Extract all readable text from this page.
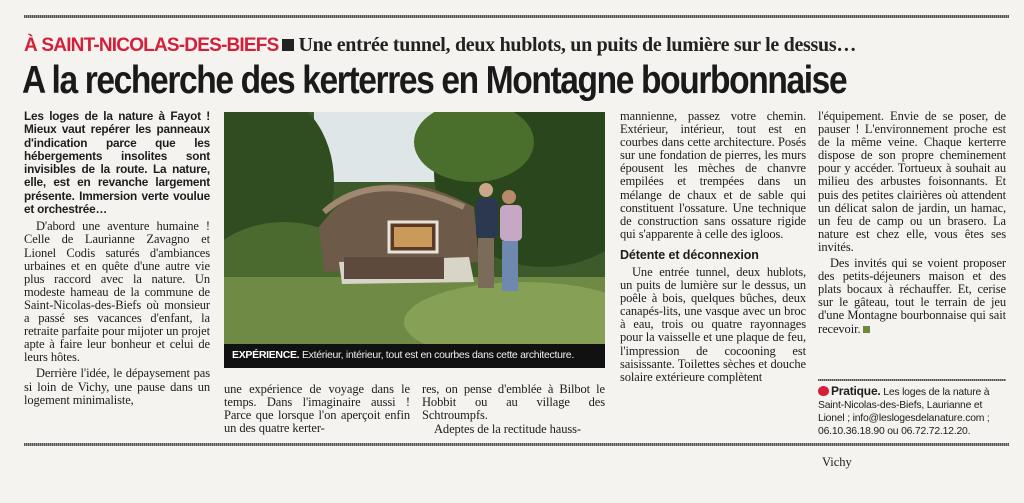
À SAINT-NICOLAS-DES-BIEFS Une entrée tunnel, deux hublots, un puits de lumière sur le dessus…
A la recherche des kerterres en Montagne bourbonnaise

Les loges de la nature à Fayot ! Mieux vaut repérer les panneaux d'indication parce que les hébergements insolites sont invisibles de la route. La nature, elle, est en revanche largement présente. Immersion verte voulue et orchestrée…

D'abord une aventure humaine ! Celle de Laurianne Zavagno et Lionel Codis saturés d'ambiances urbaines et en quête d'une autre vie plus raccord avec la nature. Un modeste hameau de la commune de Saint-Nicolas-des-Biefs où monsieur a passé ses vacances d'enfant, la retraite parfaite pour mijoter un projet apte à faire leur bonheur et celui de leurs hôtes.

Derrière l'idée, le dépaysement pas si loin de Vichy, une pause dans un logement minimaliste,

EXPÉRIENCE. Extérieur, intérieur, tout est en courbes dans cette architecture.

une expérience de voyage dans le temps. Dans l'imaginaire aussi ! Parce que lorsque l'on aperçoit enfin un des quatre kerter-

res, on pense d'emblée à Bilbot le Hobbit ou au village des Schtroumpfs.

Adeptes de la rectitude hauss-

mannienne, passez votre chemin. Extérieur, intérieur, tout est en courbes dans cette architecture. Posés sur une fondation de pierres, les murs épousent les mèches de chanvre empilées et trempées dans un mélange de chaux et de sable qui constituent l'ossature. Une technique de construction sans ossature rigide qui s'apparente à celle des igloos.

Détente et déconnexion

Une entrée tunnel, deux hublots, un puits de lumière sur le dessus, un poêle à bois, quelques bûches, deux canapés-lits, une vasque avec un broc à eau, trois ou quatre rayonnages pour la vaisselle et une plaque de feu, l'impression de cocooning est saisissante. Toilettes sèches et douche solaire extérieure complètent

l'équipement. Envie de se poser, de pauser ! L'environnement proche est de la même veine. Chaque kerterre dispose de son propre cheminement pour y accéder. Tortueux à souhait au milieu des arbustes foisonnants. Et puis des petites clairières où attendent un délicat salon de jardin, un hamac, un feu de camp ou un brasero. La nature est chez elle, vous êtes ses invités.

Des invités qui se voient proposer des petits-déjeuners maison et des plats bocaux à réchauffer. Et, cerise sur le gâteau, tout le terrain de jeu d'une Montagne bourbonnaise qui sait recevoir.

Pratique. Les loges de la nature à Saint-Nicolas-des-Biefs, Laurianne et Lionel ; info@leslogesdelanature.com ; 06.10.36.18.90 ou 06.72.72.12.20.
Vichy
